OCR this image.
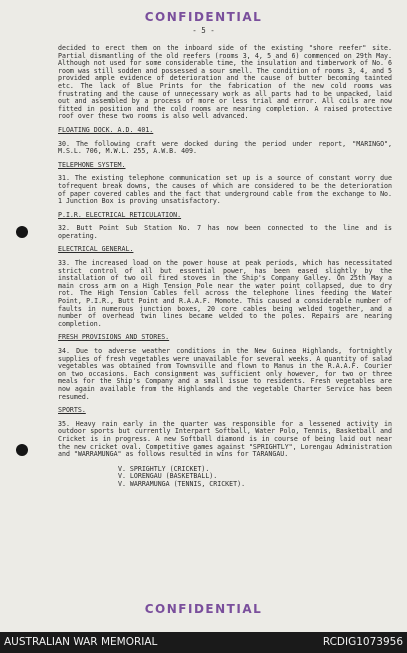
CONFIDENTIAL
- 5 -

decided to erect them on the inboard side of the existing "shore reefer" site. Partial dismantling of the old reefers (rooms 3, 4, 5 and 6) commenced on 29th May. Although not used for some considerable time, the insulation and timberwork of No. 6 room was still sodden and possessed a sour smell. The condition of rooms 3, 4, and 5 provided ample evidence of deterioration and the cause of butter becoming tainted etc. The lack of Blue Prints for the fabrication of the new cold rooms was frustrating and the cause of unnecessary work as all parts had to be unpacked, laid out and assembled by a process of more or less trial and error. All coils are now fitted in position and the cold rooms are nearing completion. A raised protective roof over these two rooms is also well advanced.

FLOATING DOCK. A.D. 401.

30. The following craft were docked during the period under report, "MARINGO", M.S.L. 706, M.W.L. 255, A.W.B. 409.

TELEPHONE SYSTEM.

31. The existing telephone communication set up is a source of constant worry due tofrequent break downs, the causes of which are considered to be the deterioration of paper covered cables and the fact that underground cable from the exchange to No. 1 Junction Box is proving unsatisfactory.

P.I.R. ELECTRICAL RETICULATION.

32. Butt Point Sub Station No. 7 has now been connected to the line and is operating.

ELECTRICAL GENERAL.

33. The increased load on the power house at peak periods, which has necessitated strict control of all but essential power, has been eased slightly by the installation of two oil fired stoves in the Ship's Company Galley. On 25th May a main cross arm on a High Tension Pole near the water point collapsed, due to dry rot. The High Tension Cables fell across the telephone lines feeding the Water Point, P.I.R., Butt Point and R.A.A.F. Momote. This caused a considerable number of faults in numerous junction boxes, 20 core cables being welded together, and a number of overhead twin lines became welded to the poles. Repairs are nearing completion.

FRESH PROVISIONS AND STORES.

34. Due to adverse weather conditions in the New Guinea Highlands, fortnightly supplies of fresh vegetables were unavailable for several weeks. A quantity of salad vegetables was obtained from Townsville and flown to Manus in the R.A.A.F. Courier on two occasions. Each consignment was sufficient only however, for two or three meals for the Ship's Company and a small issue to residents. Fresh vegetables are now again available from the Highlands and the vegetable Charter Service has been resumed.

SPORTS.

35. Heavy rain early in the quarter was responsible for a lessened activity in outdoor sports but currently Interpart Softball, Water Polo, Tennis, Basketball and Cricket is in progress. A new Softball diamond is in course of being laid out near the new cricket oval. Competitive games against "SPRIGHTLY", Lorengau Administration and "WARRAMUNGA" as follows resulted in wins for TARANGAU.

V. SPRIGHTLY (CRICKET).
V. LORENGAU (BASKETBALL).
V. WARRAMUNGA (TENNIS, CRICKET).
CONFIDENTIAL
AUSTRALIAN WAR MEMORIAL	RCDIG1073956
